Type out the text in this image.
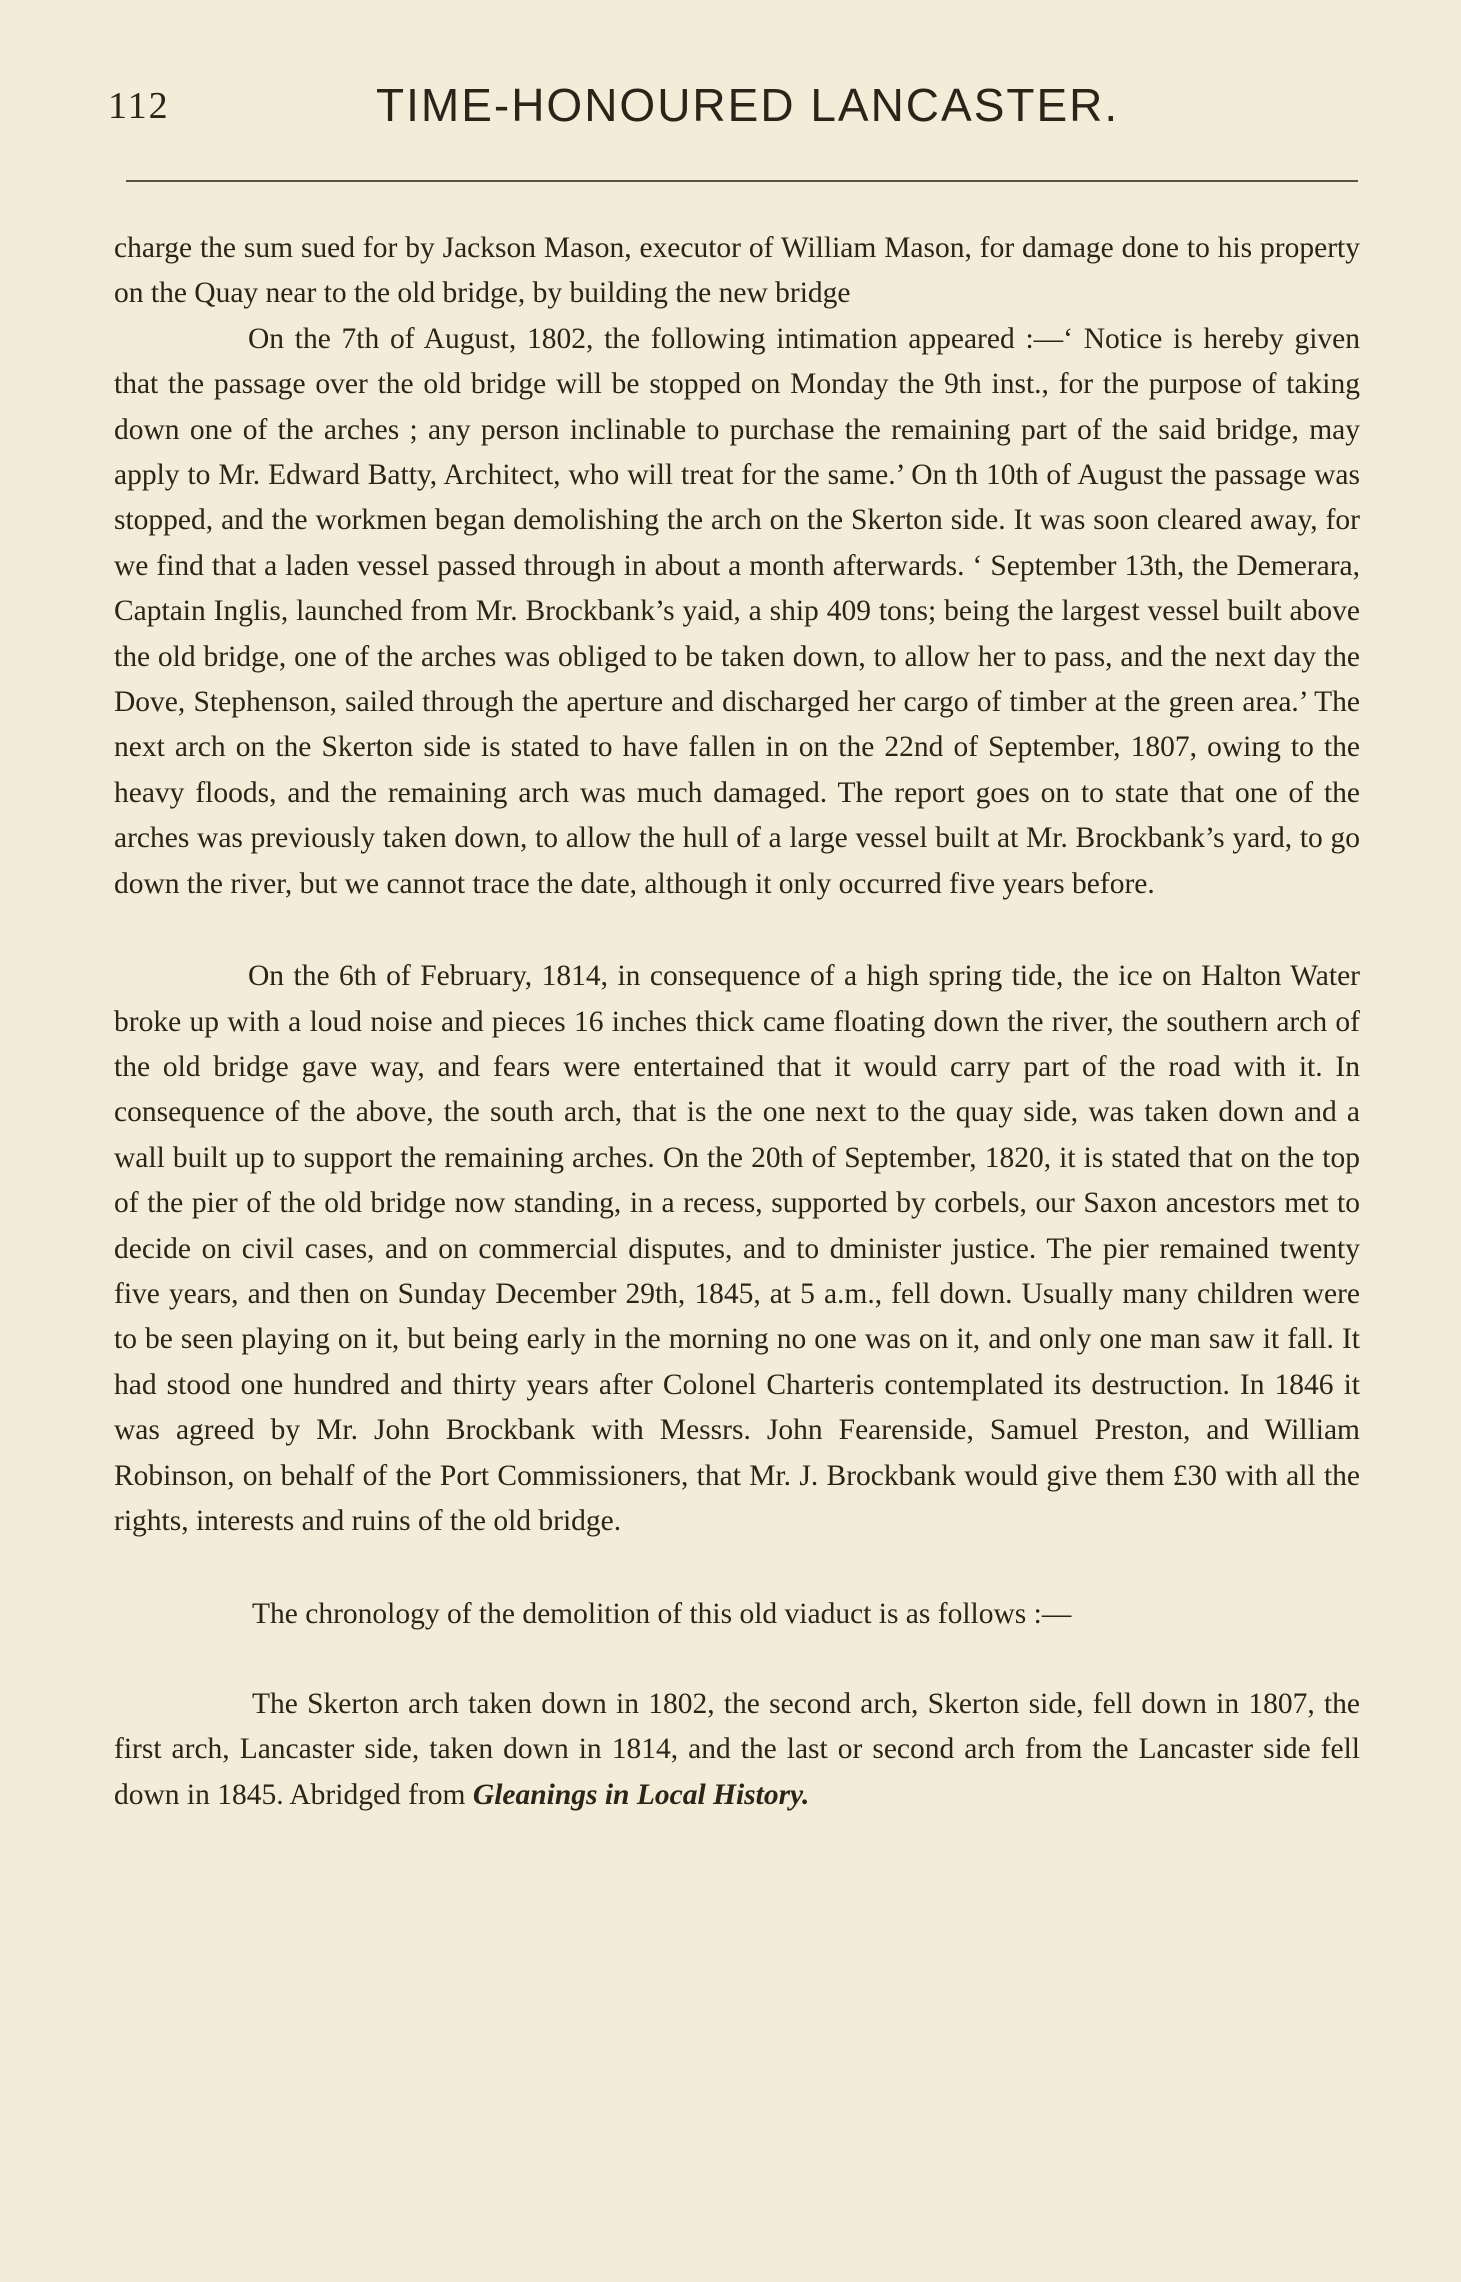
112	TIME-HONOURED LANCASTER.

charge the sum sued for by Jackson Mason, executor of William Mason, for damage done to his property on the Quay near to the old bridge, by building the new bridge

On the 7th of August, 1802, the following intimation appeared :—‘ Notice is hereby given that the passage over the old bridge will be stopped on Monday the 9th inst., for the purpose of taking down one of the arches ; any person inclinable to purchase the remaining part of the said bridge, may apply to Mr. Edward Batty, Architect, who will treat for the same.’ On th 10th of August the passage was stopped, and the workmen began demolishing the arch on the Skerton side. It was soon cleared away, for we find that a laden vessel passed through in about a month afterwards. ‘ September 13th, the Demerara, Captain Inglis, launched from Mr. Brockbank’s yaid, a ship 409 tons; being the largest vessel built above the old bridge, one of the arches was obliged to be taken down, to allow her to pass, and the next day the Dove, Stephenson, sailed through the aperture and discharged her cargo of timber at the green area.’ The next arch on the Skerton side is stated to have fallen in on the 22nd of September, 1807, owing to the heavy floods, and the remaining arch was much damaged. The report goes on to state that one of the arches was previously taken down, to allow the hull of a large vessel built at Mr. Brockbank’s yard, to go down the river, but we cannot trace the date, although it only occurred five years before.

On the 6th of February, 1814, in consequence of a high spring tide, the ice on Halton Water broke up with a loud noise and pieces 16 inches thick came floating down the river, the southern arch of the old bridge gave way, and fears were entertained that it would carry part of the road with it. In consequence of the above, the south arch, that is the one next to the quay side, was taken down and a wall built up to support the remaining arches. On the 20th of September, 1820, it is stated that on the top of the pier of the old bridge now standing, in a recess, supported by corbels, our Saxon ancestors met to decide on civil cases, and on commercial disputes, and to dminister justice. The pier remained twenty five years, and then on Sunday December 29th, 1845, at 5 a.m., fell down. Usually many children were to be seen playing on it, but being early in the morning no one was on it, and only one man saw it fall. It had stood one hundred and thirty years after Colonel Charteris contemplated its destruction. In 1846 it was agreed by Mr. John Brockbank with Messrs. John Fearenside, Samuel Preston, and William Robinson, on behalf of the Port Commissioners, that Mr. J. Brockbank would give them £30 with all the rights, interests and ruins of the old bridge.

The chronology of the demolition of this old viaduct is as follows :—

The Skerton arch taken down in 1802, the second arch, Skerton side, fell down in 1807, the first arch, Lancaster side, taken down in 1814, and the last or second arch from the Lancaster side fell down in 1845. Abridged from Gleanings in Local History.
